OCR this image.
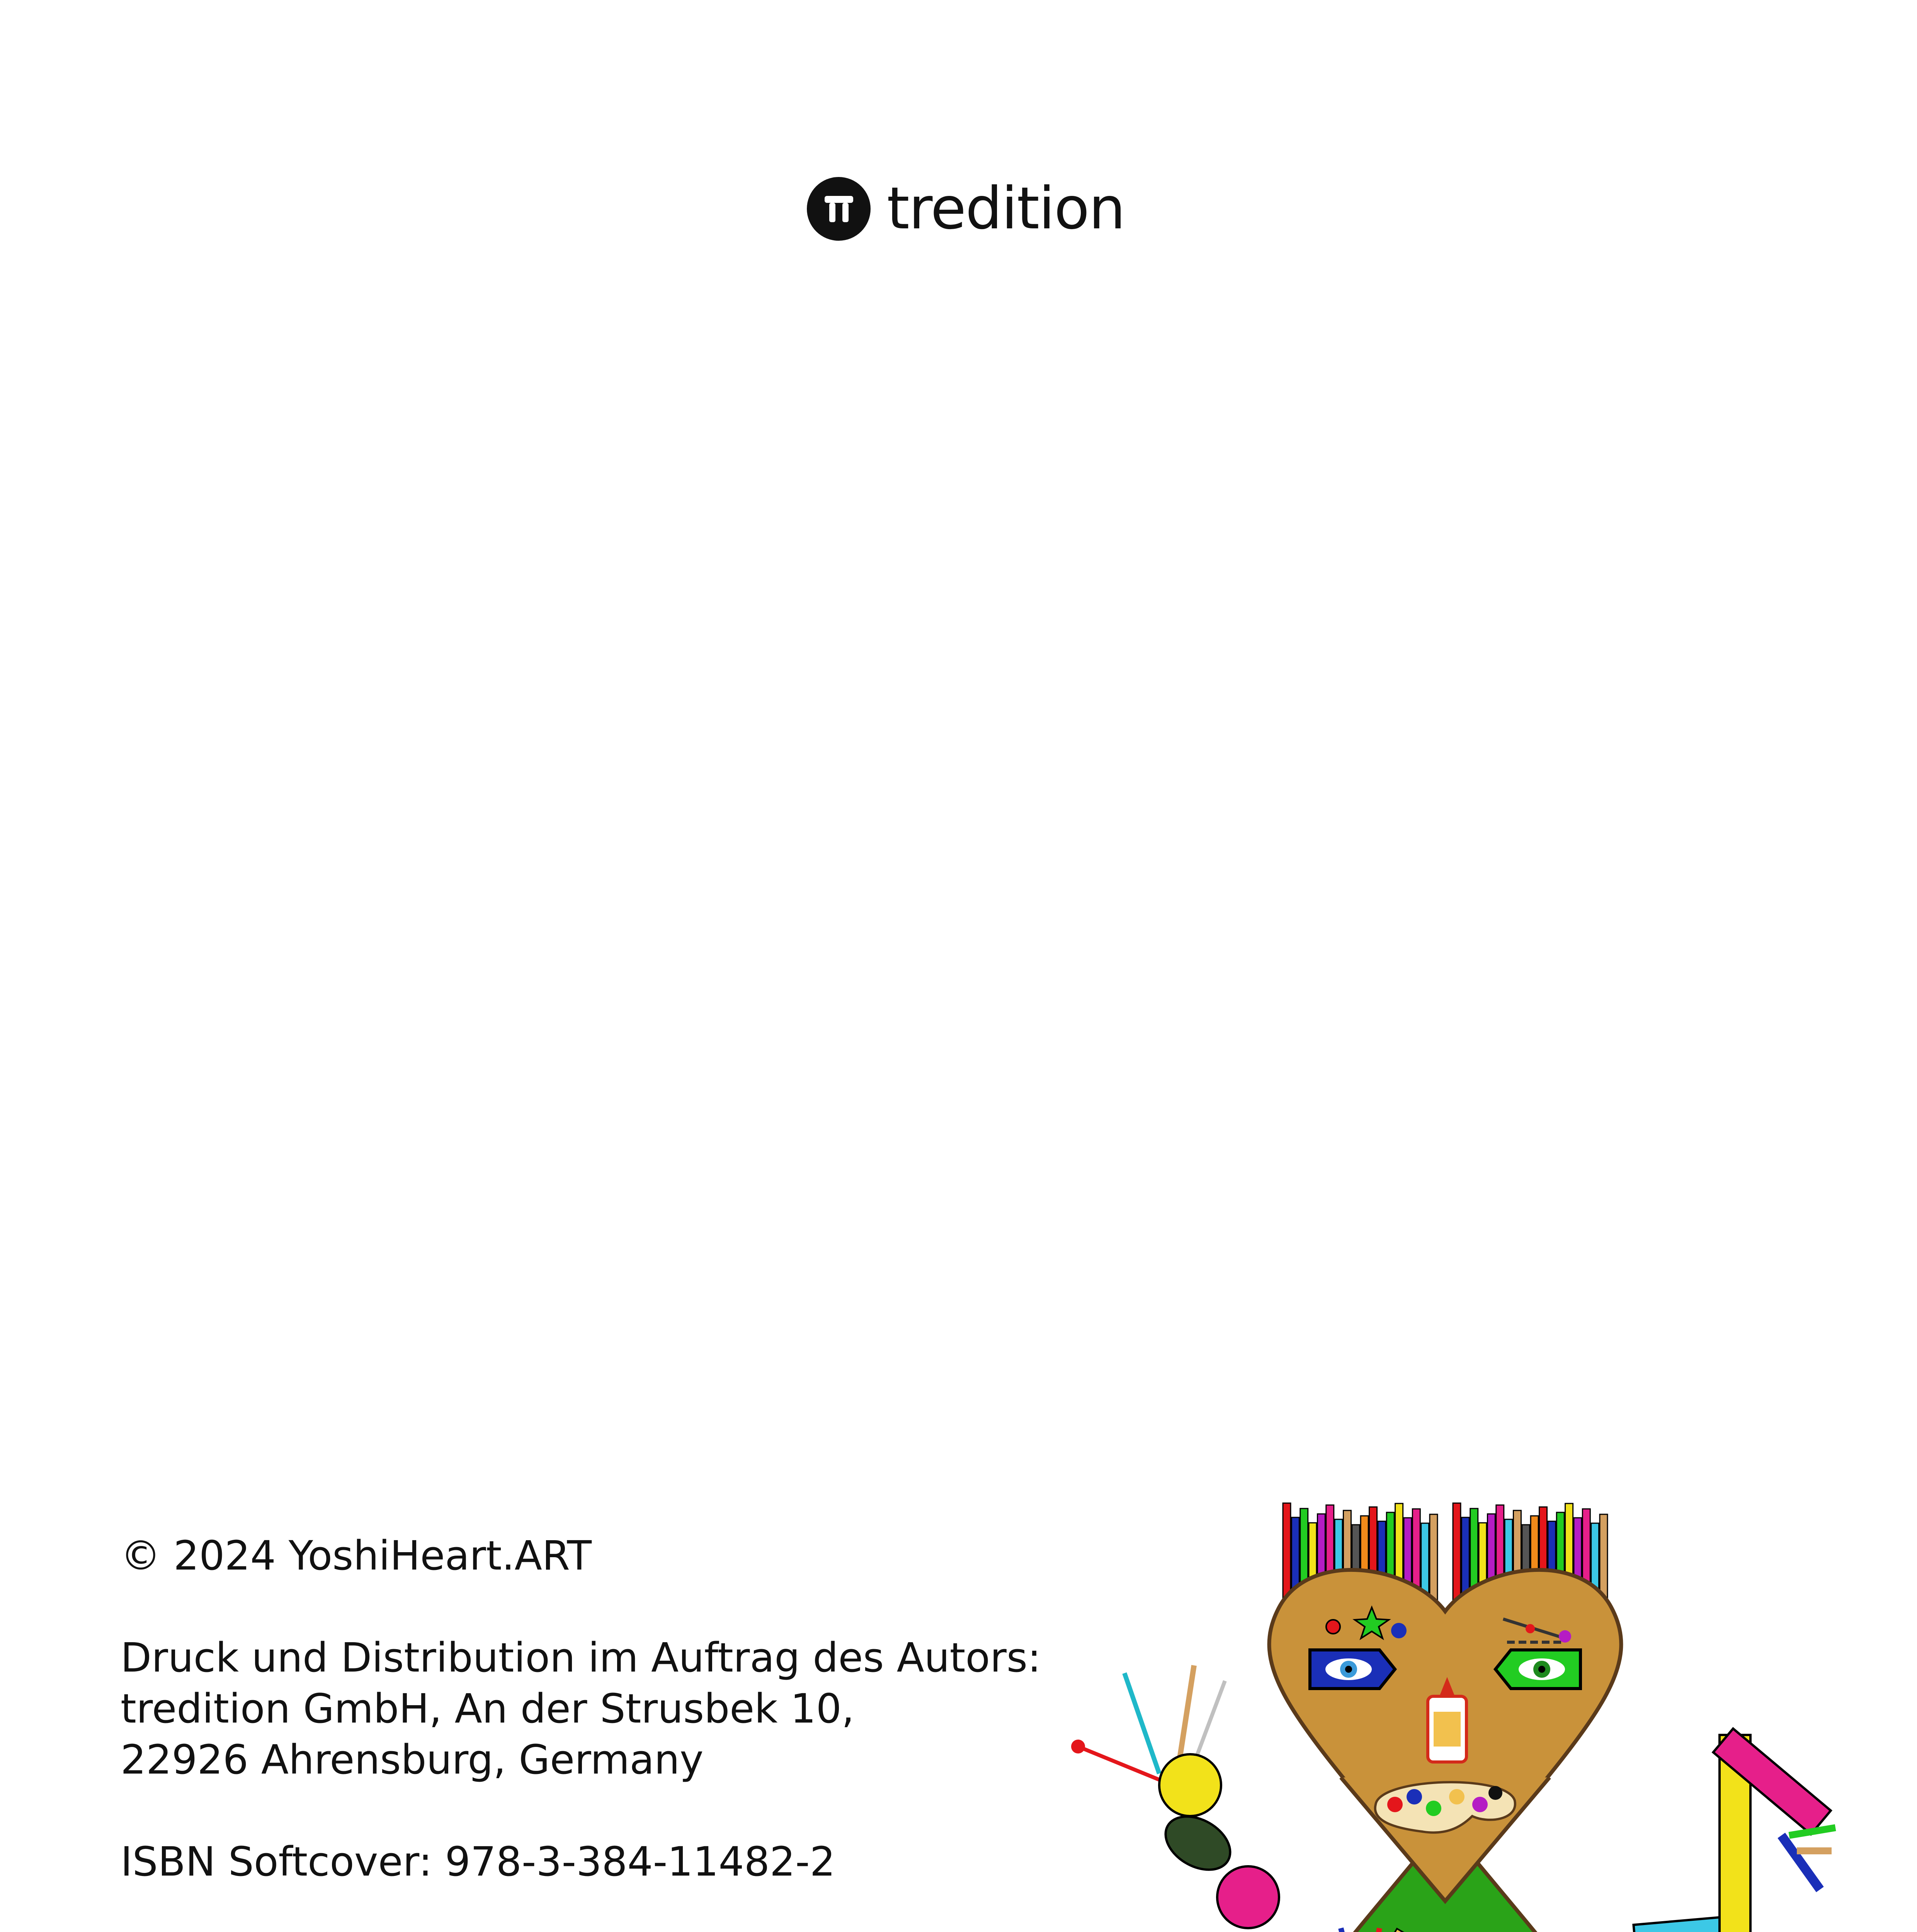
tredition

© 2024 YoshiHeart.ART

Druck und Distribution im Auftrag des Autors:
tredition GmbH, An der Strusbek 10,
22926 Ahrensburg, Germany

ISBN Softcover: 978-3-384-11482-2
